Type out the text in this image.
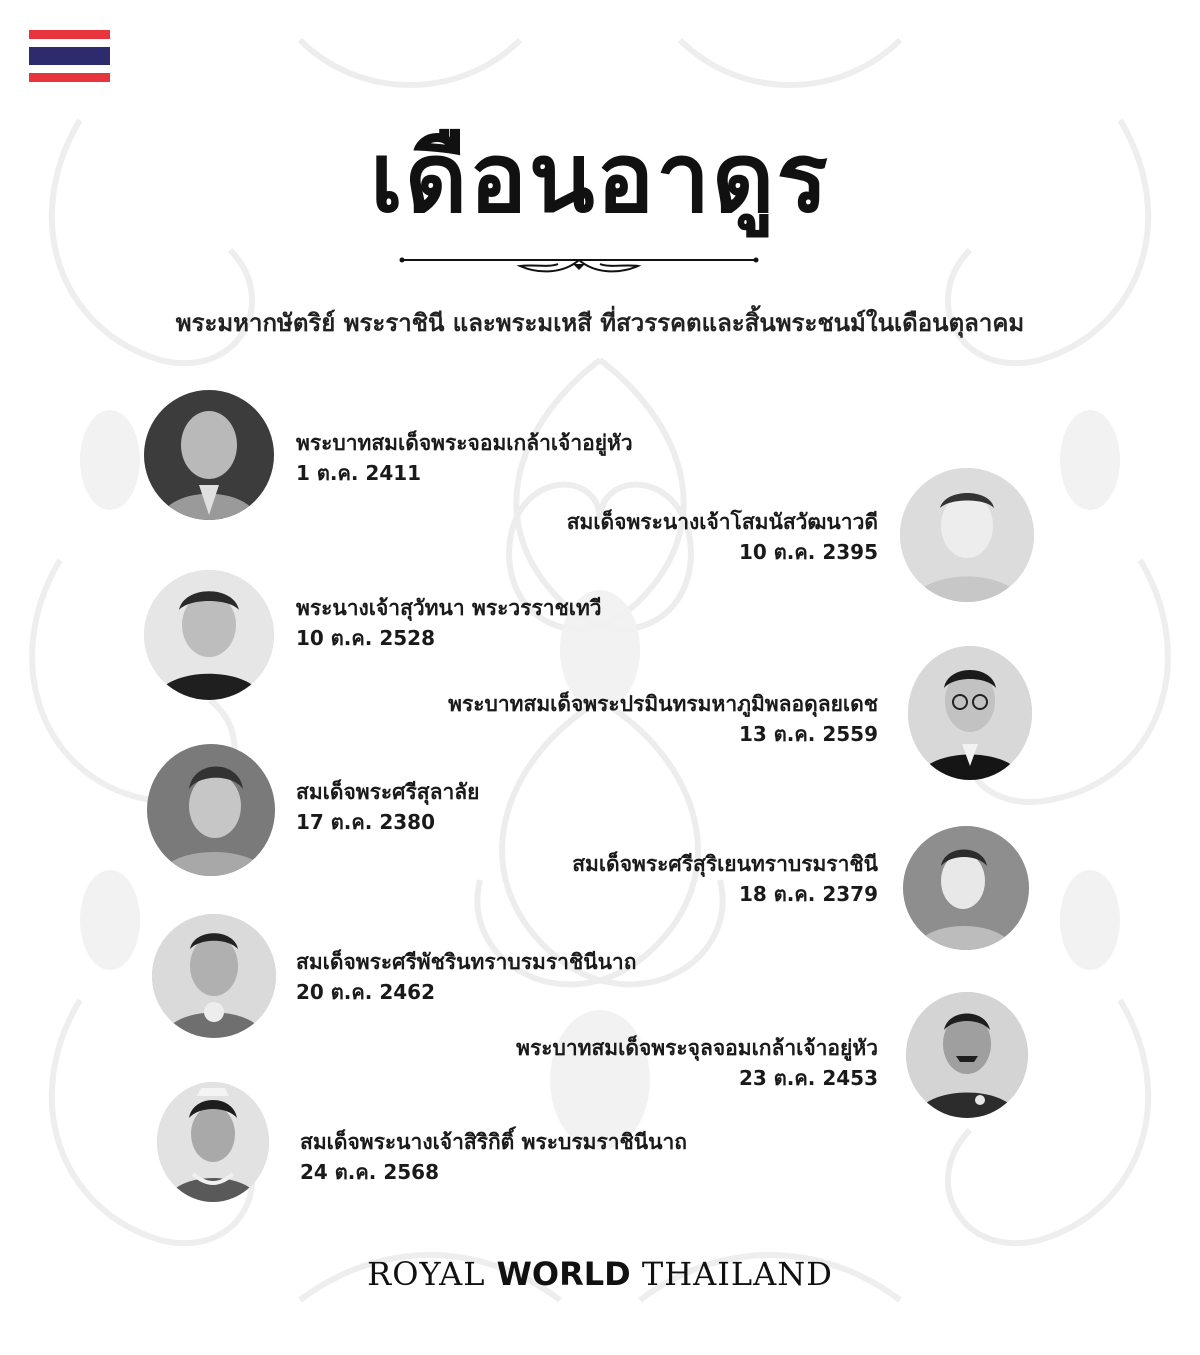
เดือนอาดูร
พระมหากษัตริย์ พระราชินี และพระมเหสี ที่สวรรคตและสิ้นพระชนม์ในเดือนตุลาคม
พระบาทสมเด็จพระจอมเกล้าเจ้าอยู่หัว
1 ต.ค. 2411
สมเด็จพระนางเจ้าโสมนัสวัฒนาวดี
10 ต.ค. 2395
พระนางเจ้าสุวัทนา พระวรราชเทวี
10 ต.ค. 2528
พระบาทสมเด็จพระปรมินทรมหาภูมิพลอดุลยเดช
13 ต.ค. 2559
สมเด็จพระศรีสุลาลัย
17 ต.ค. 2380
สมเด็จพระศรีสุริเยนทราบรมราชินี
18 ต.ค. 2379
สมเด็จพระศรีพัชรินทราบรมราชินีนาถ
20 ต.ค. 2462
พระบาทสมเด็จพระจุลจอมเกล้าเจ้าอยู่หัว
23 ต.ค. 2453
สมเด็จพระนางเจ้าสิริกิติ์ พระบรมราชินีนาถ
24 ต.ค. 2568
ROYAL WORLD THAILAND
